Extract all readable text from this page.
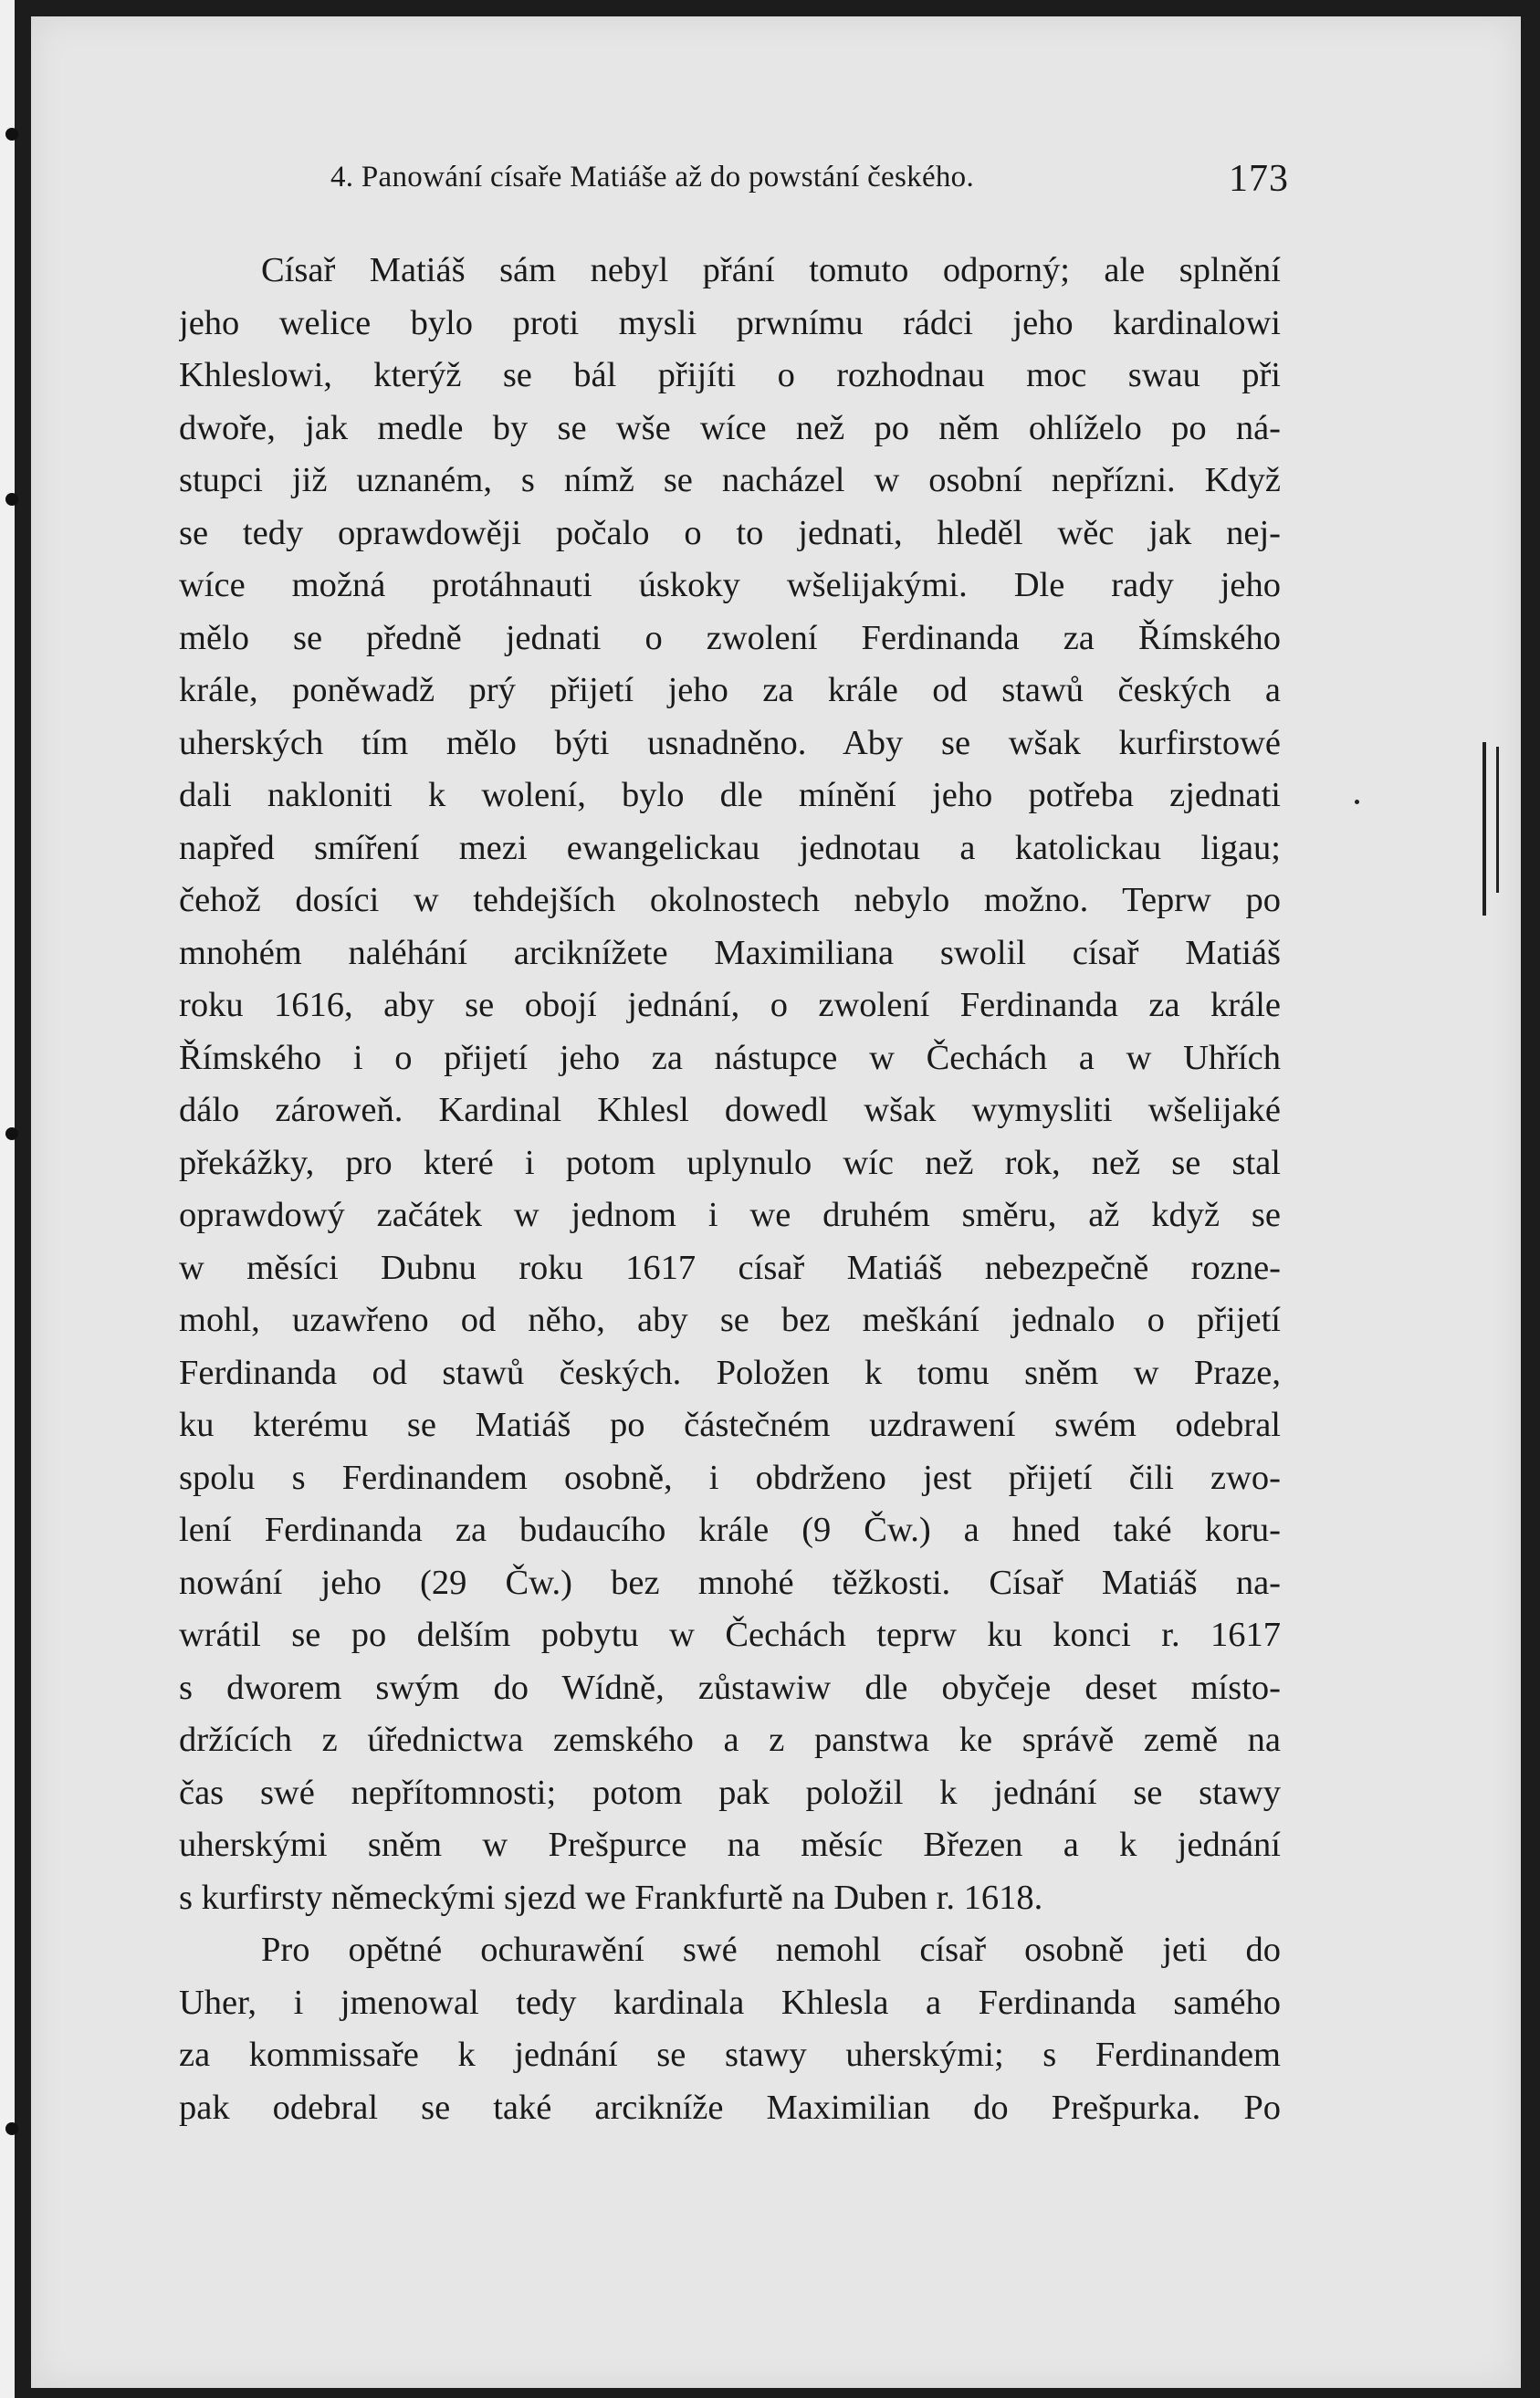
4. Panowání císaře Matiáše až do powstání českého.	173
Císař Matiáš sám nebyl přání tomuto odporný; ale splnění
jeho welice bylo proti mysli prwnímu rádci jeho kardinalowi
Khleslowi, kterýž se bál přijíti o rozhodnau moc swau při
dwoře, jak medle by se wše wíce než po něm ohlíželo po ná-
stupci již uznaném, s nímž se nacházel w osobní nepřízni. Když
se tedy oprawdowěji počalo o to jednati, hleděl wěc jak nej-
wíce možná protáhnauti úskoky wšelijakými. Dle rady jeho
mělo se předně jednati o zwolení Ferdinanda za Římského
krále, poněwadž prý přijetí jeho za krále od stawů českých a
uherských tím mělo býti usnadněno. Aby se wšak kurfirstowé
dali nakloniti k wolení, bylo dle mínění jeho potřeba zjednati
napřed smíření mezi ewangelickau jednotau a katolickau ligau;
čehož dosíci w tehdejších okolnostech nebylo možno. Teprw po
mnohém naléhání arciknížete Maximiliana swolil císař Matiáš
roku 1616, aby se obojí jednání, o zwolení Ferdinanda za krále
Římského i o přijetí jeho za nástupce w Čechách a w Uhřích
dálo zároweň. Kardinal Khlesl dowedl wšak wymysliti wšelijaké
překážky, pro které i potom uplynulo wíc než rok, než se stal
oprawdowý začátek w jednom i we druhém směru, až když se
w měsíci Dubnu roku 1617 císař Matiáš nebezpečně rozne-
mohl, uzawřeno od něho, aby se bez meškání jednalo o přijetí
Ferdinanda od stawů českých. Položen k tomu sněm w Praze,
ku kterému se Matiáš po částečném uzdrawení swém odebral
spolu s Ferdinandem osobně, i obdrženo jest přijetí čili zwo-
lení Ferdinanda za budaucího krále (9 Čw.) a hned také koru-
nowání jeho (29 Čw.) bez mnohé těžkosti. Císař Matiáš na-
wrátil se po delším pobytu w Čechách teprw ku konci r. 1617
s dworem swým do Wídně, zůstawiw dle obyčeje deset místo-
držících z úřednictwa zemského a z panstwa ke správě země na
čas swé nepřítomnosti; potom pak položil k jednání se stawy
uherskými sněm w Prešpurce na měsíc Březen a k jednání
s kurfirsty německými sjezd we Frankfurtě na Duben r. 1618.
Pro opětné ochurawění swé nemohl císař osobně jeti do
Uher, i jmenowal tedy kardinala Khlesla a Ferdinanda samého
za kommissaře k jednání se stawy uherskými; s Ferdinandem
pak odebral se také arcikníže Maximilian do Prešpurka. Po
